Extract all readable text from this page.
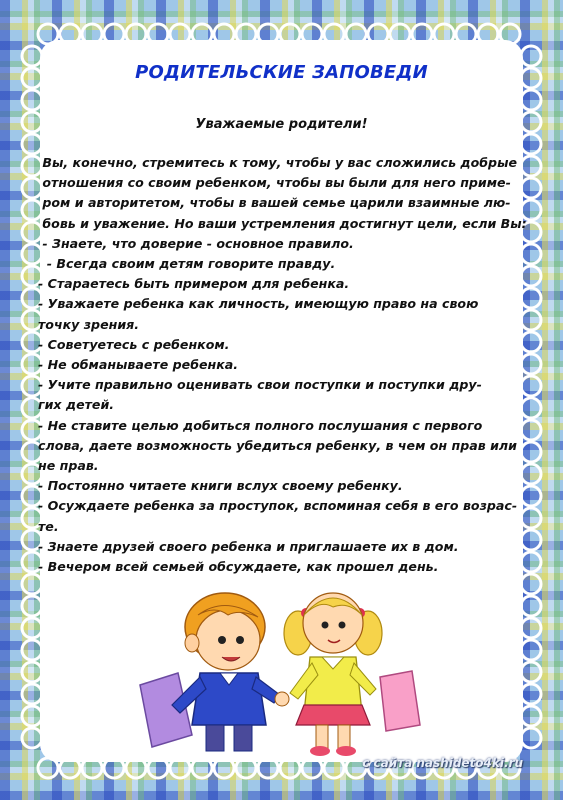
РОДИТЕЛЬСКИЕ ЗАПОВЕДИ
Уважаемые родители!
Вы, конечно, стремитесь к тому, чтобы у вас сложились добрые
отношения со своим ребенком, чтобы вы были для него приме-
ром и авторитетом, чтобы в вашей семье царили взаимные лю-
бовь и уважение. Но ваши устремления достигнут цели, если Вы:
- Знаете, что доверие - основное правило.
- Всегда своим детям говорите правду.
- Стараетесь быть примером для ребенка.
- Уважаете ребенка как личность, имеющую право на свою
точку зрения.
- Советуетесь с ребенком.
- Не обманываете ребенка.
- Учите правильно оценивать свои поступки и поступки дру-
гих детей.
- Не ставите целью добиться полного послушания с первого
слова, даете возможность убедиться ребенку, в чем он прав или
не прав.
- Постоянно читаете книги вслух своему ребенку.
- Осуждаете ребенка за проступок, вспоминая себя в его возрас-
те.
- Знаете друзей своего ребенка и приглашаете их в дом.
- Вечером всей семьей обсуждаете, как прошел день.
с сайта nashideto4ki.ru
